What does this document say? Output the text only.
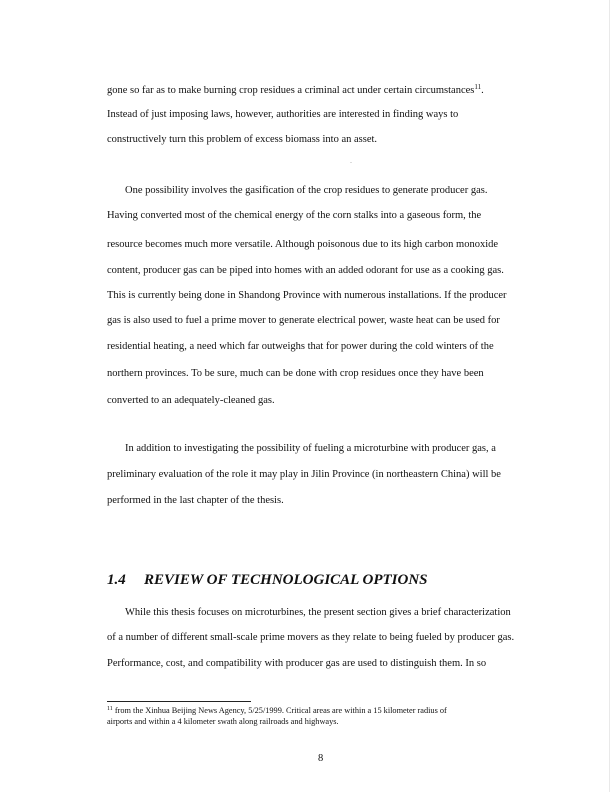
gone so far as to make burning crop residues a criminal act under certain circumstances$^{11}$.
Instead of just imposing laws, however, authorities are interested in finding ways to
constructively turn this problem of excess biomass into an asset.
One possibility involves the gasification of the crop residues to generate producer gas.
Having converted most of the chemical energy of the corn stalks into a gaseous form, the
resource becomes much more versatile. Although poisonous due to its high carbon monoxide
content, producer gas can be piped into homes with an added odorant for use as a cooking gas.
This is currently being done in Shandong Province with numerous installations. If the producer
gas is also used to fuel a prime mover to generate electrical power, waste heat can be used for
residential heating, a need which far outweighs that for power during the cold winters of the
northern provinces. To be sure, much can be done with crop residues once they have been
converted to an adequately-cleaned gas.
In addition to investigating the possibility of fueling a microturbine with producer gas, a
preliminary evaluation of the role it may play in Jilin Province (in northeastern China) will be
performed in the last chapter of the thesis.
1.4 REVIEW OF TECHNOLOGICAL OPTIONS
While this thesis focuses on microturbines, the present section gives a brief characterization
of a number of different small-scale prime movers as they relate to being fueled by producer gas.
Performance, cost, and compatibility with producer gas are used to distinguish them. In so
$^{11}$ from the Xinhua Beijing News Agency, 5/25/1999. Critical areas are within a 15 kilometer radius of
airports and within a 4 kilometer swath along railroads and highways.
8
